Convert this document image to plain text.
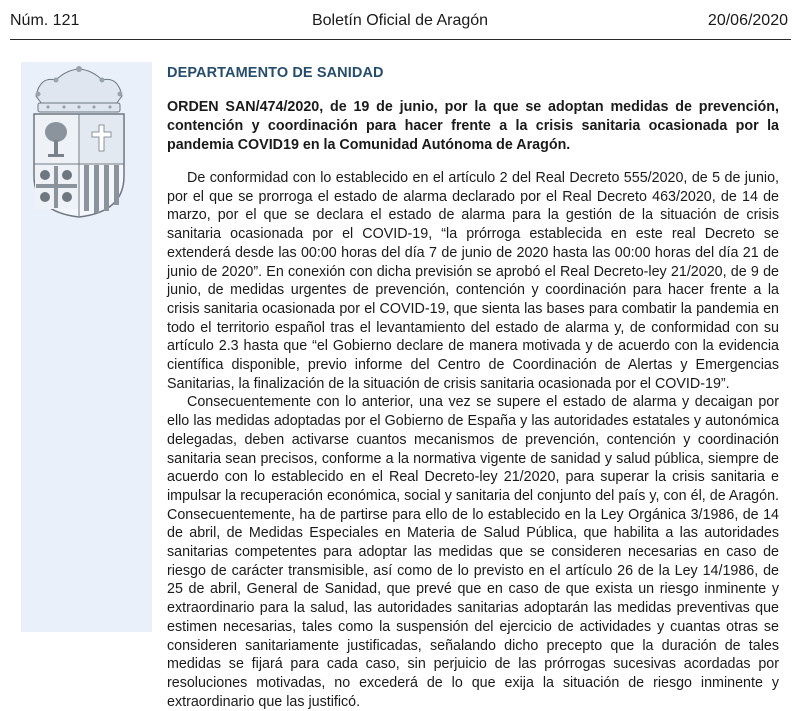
Núm. 121	Boletín Oficial de Aragón	20/06/2020
DEPARTAMENTO DE SANIDAD

ORDEN SAN/474/2020, de 19 de junio, por la que se adoptan medidas de prevención, contención y coordinación para hacer frente a la crisis sanitaria ocasionada por la pandemia COVID19 en la Comunidad Autónoma de Aragón.

De conformidad con lo establecido en el artículo 2 del Real Decreto 555/2020, de 5 de junio, por el que se prorroga el estado de alarma declarado por el Real Decreto 463/2020, de 14 de marzo, por el que se declara el estado de alarma para la gestión de la situación de crisis sanitaria ocasionada por el COVID-19, “la prórroga establecida en este real Decreto se extenderá desde las 00:00 horas del día 7 de junio de 2020 hasta las 00:00 horas del día 21 de junio de 2020”. En conexión con dicha previsión se aprobó el Real Decreto-ley 21/2020, de 9 de junio, de medidas urgentes de prevención, contención y coordinación para hacer frente a la crisis sanitaria ocasionada por el COVID-19, que sienta las bases para combatir la pandemia en todo el territorio español tras el levantamiento del estado de alarma y, de conformidad con su artículo 2.3 hasta que “el Gobierno declare de manera motivada y de acuerdo con la evidencia científica disponible, previo informe del Centro de Coordinación de Alertas y Emergencias Sanitarias, la finalización de la situación de crisis sanitaria ocasionada por el COVID-19”.

Consecuentemente con lo anterior, una vez se supere el estado de alarma y decaigan por ello las medidas adoptadas por el Gobierno de España y las autoridades estatales y autonómica delegadas, deben activarse cuantos mecanismos de prevención, contención y coordinación sanitaria sean precisos, conforme a la normativa vigente de sanidad y salud pública, siempre de acuerdo con lo establecido en el Real Decreto-ley 21/2020, para superar la crisis sanitaria e impulsar la recuperación económica, social y sanitaria del conjunto del país y, con él, de Aragón. Consecuentemente, ha de partirse para ello de lo establecido en la Ley Orgánica 3/1986, de 14 de abril, de Medidas Especiales en Materia de Salud Pública, que habilita a las autoridades sanitarias competentes para adoptar las medidas que se consideren necesarias en caso de riesgo de carácter transmisible, así como de lo previsto en el artículo 26 de la Ley 14/1986, de 25 de abril, General de Sanidad, que prevé que en caso de que exista un riesgo inminente y extraordinario para la salud, las autoridades sanitarias adoptarán las medidas preventivas que estimen necesarias, tales como la suspensión del ejercicio de actividades y cuantas otras se consideren sanitariamente justificadas, señalando dicho precepto que la duración de tales medidas se fijará para cada caso, sin perjuicio de las prórrogas sucesivas acordadas por resoluciones motivadas, no excederá de lo que exija la situación de riesgo inminente y extraordinario que las justificó.
